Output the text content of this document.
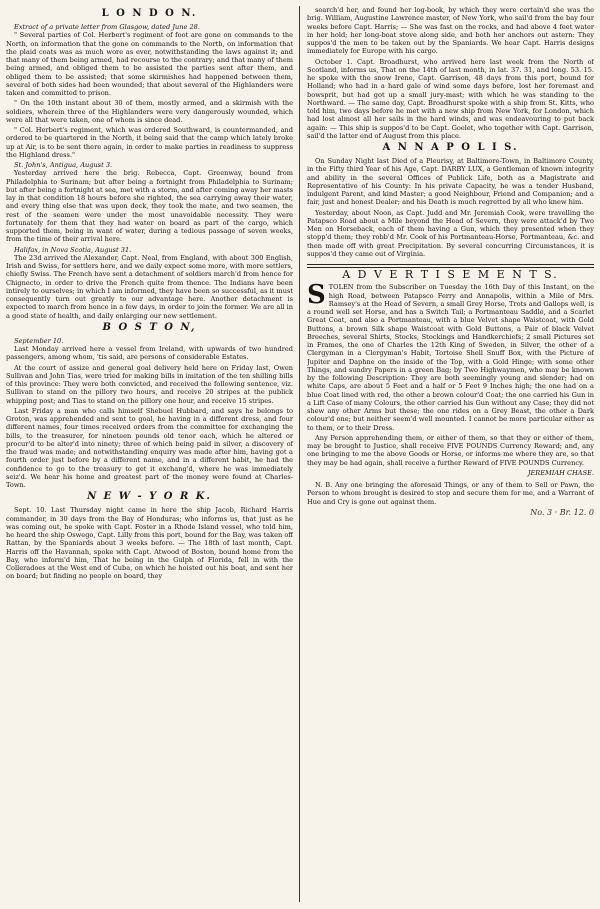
L O N D O N.

Extract of a private letter from Glasgow, dated June 28.

" Several parties of Col. Herbert's regiment of foot are gone on commands to the North, on information that the gone on commands to the North, on information that the plaid coats was as much wore as ever, notwithstanding the laws against it; and that many of them being armed, had recourse to the contrary; and that many of them being armed, and obliged them to be assisted the parties sent after them, and obliged them to be assisted; that some skirmishes had happened between them, several of both sides had been wounded; that about several of the Highlanders were taken and committed to prison.

" On the 10th instant about 30 of them, mostly armed, and a skirmish with the soldiers, wherein three of the Highlanders were very dangerously wounded, which were all that were taken, one of whom is since dead.

" Col. Herbert's regiment, which was ordered Southward, is countermanded, and ordered to be quartered in the North, it being said that the camp which lately broke up at Air, is to be sent there again, in order to make parties in readiness to suppress the Highland dress."

St. John's, Antigua, August 3.

Yesterday arrived here the brig. Rebecca, Capt. Greenway, bound from Philadelphia to Surinam; but after being a fortnight from Philadelphia to Surinam; but after being a fortnight at sea, met with a storm, and after coming away her masts lay in that condition 18 hours before she righted, the sea carrying away their water, and every thing else that was upon deck, they took the mate, and two seamen, the rest of the seamen were under the most unavoidable necessity. They were fortunately for them that they had water on board as part of the cargo, which supported them, being in want of water, during a tedious passage of seven weeks, from the time of their arrival here.

Halifax, in Nova Scotia, August 31.

The 23d arrived the Alexander, Capt. Neal, from England, with about 300 English, Irish and Swiss, for settlers here, and we daily expect some more, with more settlers, chiefly Swiss. The French have sent a detachment of soldiers march'd from hence for Chignecto, in order to drive the French quite from thence. The Indians have been intirely to ourselves; in which I am informed, they have been so successful, as it must consequently turn out greatly to our advantage here. Another detachment is expected to march from hence in a few days, in order to join the former. We are all in a good state of health, and daily enlarging our new settlement.

B O S T O N,

September 10.

Last Monday arrived here a vessel from Ireland, with upwards of two hundred passengers, among whom, 'tis said, are persons of considerable Estates.

At the court of assize and general goal delivery held here on Friday last, Owen Sullivan and John Tias, were tried for making bills in imitation of the ten shilling bills of this province: They were both convicted, and received the following sentence, viz. Sullivan to stand on the pillory two hours, and receive 20 stripes at the publick whipping post; and Tias to stand on the pillory one hour, and receive 15 stripes.

Last Friday a man who calls himself Shebuel Hubbard, and says he belongs to Groton, was apprehended and sent to goal, he having in a different dress, and four different names, four times received orders from the committee for exchanging the bills, to the treasurer, for nineteen pounds old tenor each, which he altered or procur'd to be alter'd into ninety; three of which being paid in silver, a discovery of the fraud was made; and notwithstanding enquiry was made after him, having got a fourth order just before by a different name, and in a different habit, he had the confidence to go to the treasury to get it exchang'd, where he was immediately seiz'd. We hear his home and greatest part of the money were found at Charles-Town.

N E W - Y O R K.

Sept. 10. Last Thursday night came in here the ship Jacob, Richard Harris commander, in 30 days from the Bay of Honduras; who informs us, that just as he was coming out, he spoke with Capt. Foster in a Rhode Island vessel, who told him, he heard the ship Oswego, Capt. Lilly from this port, bound for the Bay, was taken off Rattan, by the Spaniards about 3 weeks before. — The 18th of last month, Capt. Harris off the Havannah, spoke with Capt. Atwood of Boston, bound home from the Bay, who inform'd him, That he being in the Gulph of Florida, fell in with the Colleradoes at the West end of Cuba, on which he hoisted out his boat, and sent her on board; but finding no people on board, they

search'd her, and found her log-book, by which they were certain'd she was the brig. William, Augustine Lawrence master, of New York, who sail'd from the bay four weeks before Capt. Harris; — She was fast on the rocks, and had above 4 feet water in her hold; her long-boat stove along side, and both her anchors out astern: They suppos'd the men to be taken out by the Spaniards. We hear Capt. Harris designs immediately for Europe with his cargo.

October 1. Capt. Broadhurst, who arrived here last week from the North of Scotland, informs us, That on the 14th of last month, in lat. 37. 31, and long. 53. 15. he spoke with the snow Irene, Capt. Garrison, 48 days from this port, bound for Holland; who had in a hard gale of wind some days before, lost her foremast and bowsprit, but had got up a small jury-mast; with which he was standing to the Northward. — The same day, Capt. Broadhurst spoke with a ship from St. Kitts, who told him, two days before he met with a new ship from New York, for London, which had lost almost all her sails in the hard winds, and was endeavouring to put back again: — This ship is suppos'd to be Capt. Goelet, who together with Capt. Garrison, sail'd the latter end of August from this place.

A N N A P O L I S.

On Sunday Night last Died of a Pleurisy, at Baltimore-Town, in Baltimore County, in the Fifty third Year of his Age, Capt. DARBY LUX, a Gentleman of known integrity and ability in the several Offices of Publick Life, both as a Magistrate and Representative of his County: In his private Capacity, he was a tender Husband, indulgent Parent, and kind Master; a good Neighbour, Friend and Companion; and a fair, just and honest Dealer; and his Death is much regretted by all who knew him.

Yesterday, about Noon, as Capt. Judd and Mr. Jeremiah Cook, were travelling the Patapsco Road about a Mile beyond the Head of Severn, they were attack'd by Two Men on Horseback, each of them having a Gun, which they presented when they stopp'd them; they robb'd Mr. Cook of his Portmanteau-Horse, Portmanteau, &c. and then made off with great Precipitation. By several concurring Circumstances, it is suppos'd they came out of Virginia.

A D V E R T I S E M E N T S.

STOLEN from the Subscriber on Tuesday the 16th Day of this Instant, on the high Road, between Patapsco Ferry and Annapolis, within a Mile of Mrs. Ramsey's at the Head of Severn, a small Grey Horse, Trots and Gallops well, is a round well set Horse, and has a Switch Tail; a Portmanteau Saddle, and a Scarlet Great Coat, and also a Portmanteau, with a blue Velvet shape Waistcoat, with Gold Buttons, a brown Silk shape Waistcoat with Gold Buttons, a Pair of black Velvet Breeches, several Shirts, Stocks, Stockings and Handkerchiefs; 2 small Pictures set in Frames, the one of Charles the 12th King of Sweden, in Silver, the other of a Clergyman in a Clergyman's Habit, Tortoise Shell Snuff Box, with the Picture of Jupiter and Daphne on the inside of the Top, with a Gold Hinge; with some other Things, and sundry Papers in a green Bag; by Two Highwaymen, who may be known by the following Description: They are both seemingly young and slender; had on white Caps, are about 5 Feet and a half or 5 Feet 9 Inches high; the one had on a blue Coat lined with red, the other a brown colour'd Coat; the one carried his Gun in a Lift Case of many Colours, the other carried his Gun without any Case; they did not shew any other Arms but these; the one rides on a Grey Beast, the other a Dark colour'd one; but neither seem'd well mounted. I cannot be more particular either as to them, or to their Dress.

Any Person apprehending them, or either of them, so that they or either of them, may be brought to Justice, shall receive FIVE POUNDS Currency Reward; and, any one bringing to me the above Goods or Horse, or informs me where they are, so that they may be had again, shall receive a further Reward of FIVE POUNDS Currency.

JEREMIAH CHASE.

N. B. Any one bringing the aforesaid Things, or any of them to Sell or Pawn, the Person to whom brought is desired to stop and secure them for me, and a Warrant of Hue and Cry is gone out against them.

No. 3 · Br. 12. 0
